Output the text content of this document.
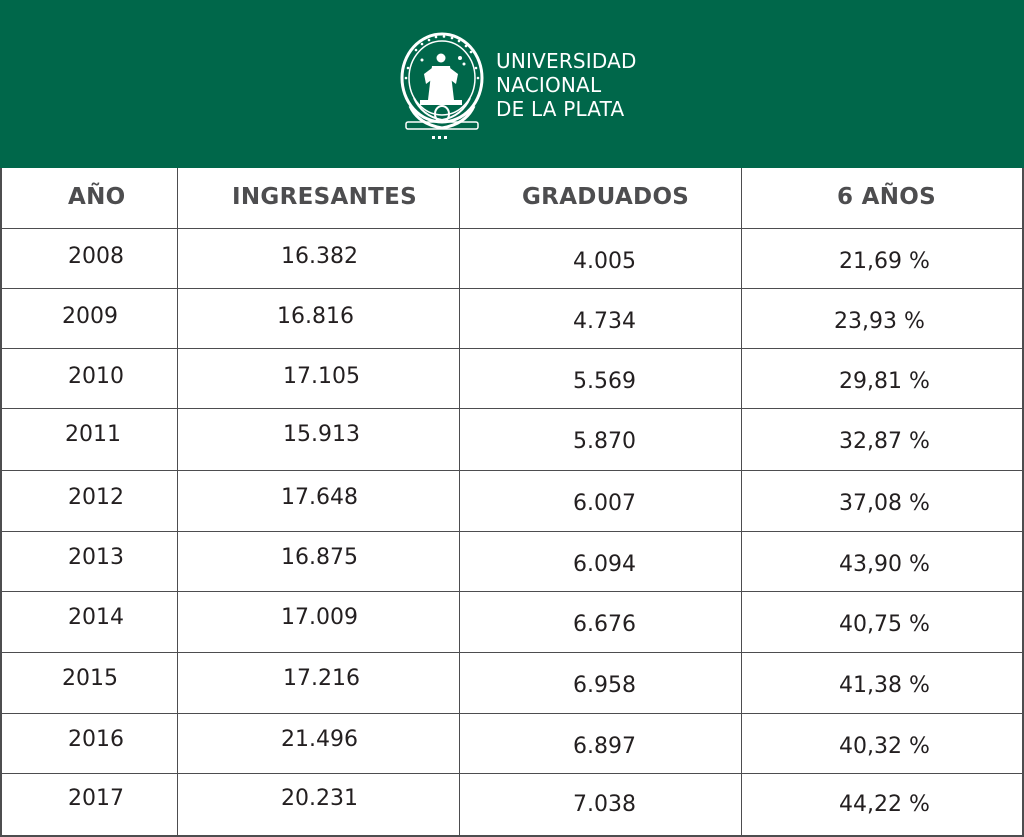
UNIVERSIDAD
NACIONAL
DE LA PLATA
AÑO	INGRESANTES	GRADUADOS	6 AÑOS
2008	16.382	4.005	21,69 %
2009	16.816	4.734	23,93 %
2010	17.105	5.569	29,81 %
2011	15.913	5.870	32,87 %
2012	17.648	6.007	37,08 %
2013	16.875	6.094	43,90 %
2014	17.009	6.676	40,75 %
2015	17.216	6.958	41,38 %
2016	21.496	6.897	40,32 %
2017	20.231	7.038	44,22 %
